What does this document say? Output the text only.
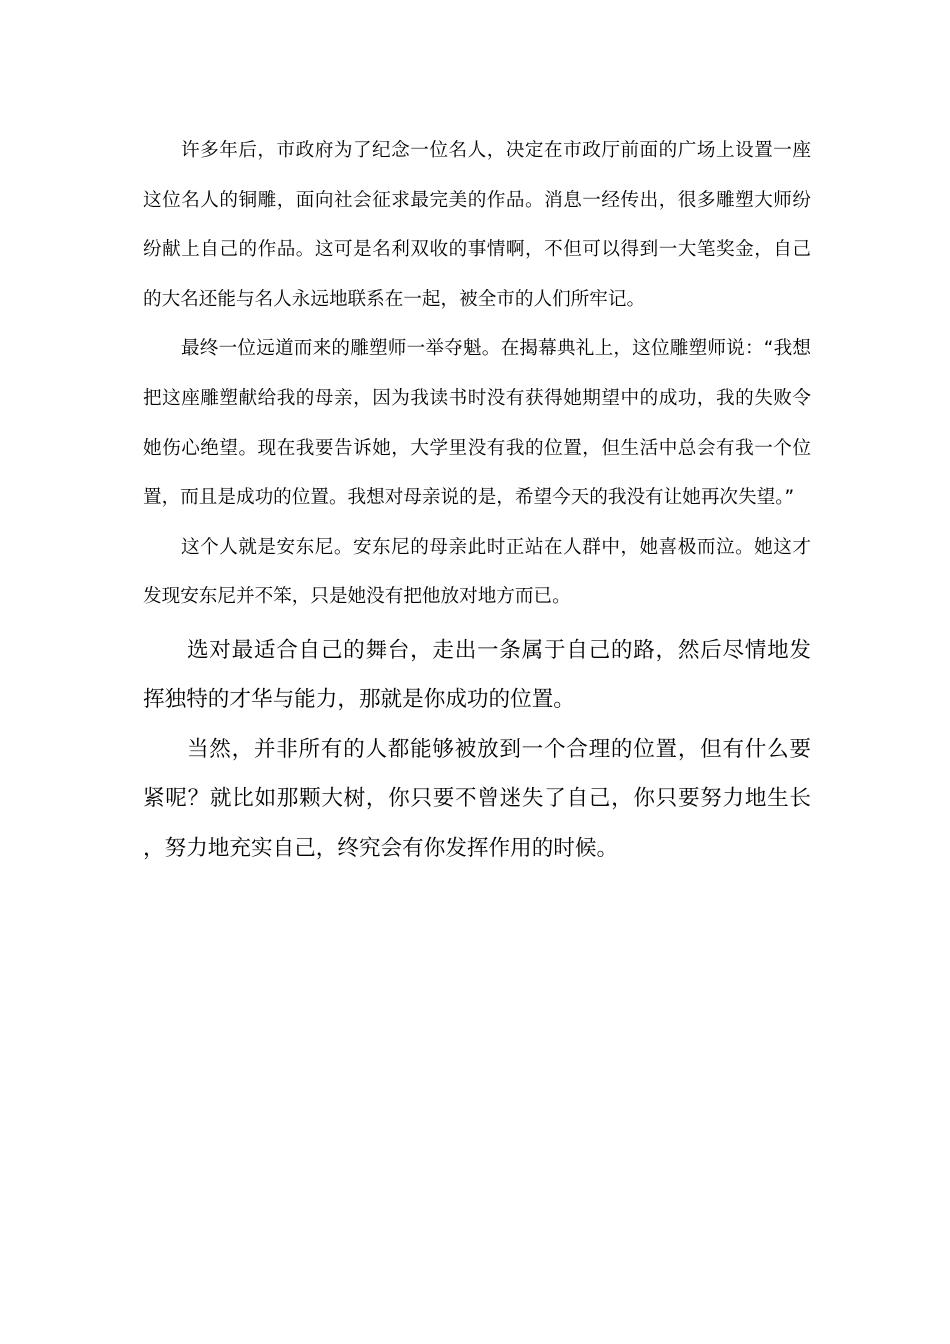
许多年后，市政府为了纪念一位名人，决定在市政厅前面的广场上设置一座这位名人的铜雕，面向社会征求最完美的作品。消息一经传出，很多雕塑大师纷纷献上自己的作品。这可是名利双收的事情啊，不但可以得到一大笔奖金，自己的大名还能与名人永远地联系在一起，被全市的人们所牢记。

最终一位远道而来的雕塑师一举夺魁。在揭幕典礼上，这位雕塑师说：“我想把这座雕塑献给我的母亲，因为我读书时没有获得她期望中的成功，我的失败令她伤心绝望。现在我要告诉她，大学里没有我的位置，但生活中总会有我一个位置，而且是成功的位置。我想对母亲说的是，希望今天的我没有让她再次失望。”

这个人就是安东尼。安东尼的母亲此时正站在人群中，她喜极而泣。她这才发现安东尼并不笨，只是她没有把他放对地方而已。

选对最适合自己的舞台，走出一条属于自己的路，然后尽情地发挥独特的才华与能力，那就是你成功的位置。

当然，并非所有的人都能够被放到一个合理的位置，但有什么要紧呢？就比如那颗大树，你只要不曾迷失了自己，你只要努力地生长，努力地充实自己，终究会有你发挥作用的时候。
